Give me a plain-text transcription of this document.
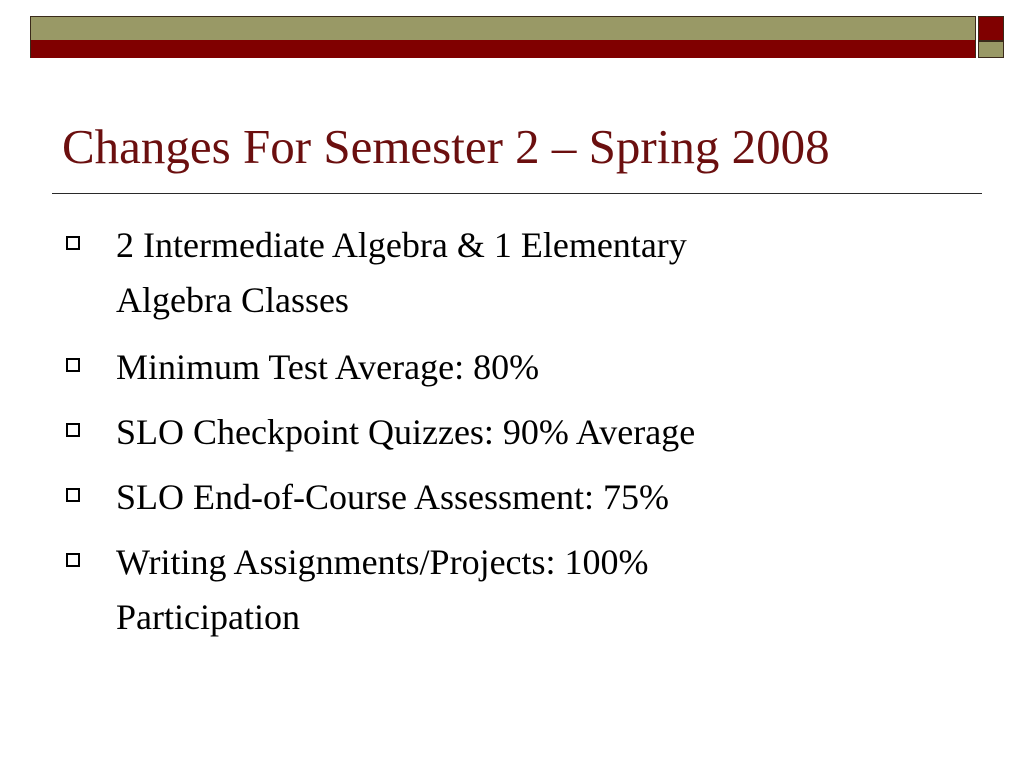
Changes For Semester 2 – Spring 2008
2 Intermediate Algebra & 1 Elementary
Algebra Classes
Minimum Test Average: 80%
SLO Checkpoint Quizzes: 90% Average
SLO End-of-Course Assessment: 75%
Writing Assignments/Projects: 100%
Participation
